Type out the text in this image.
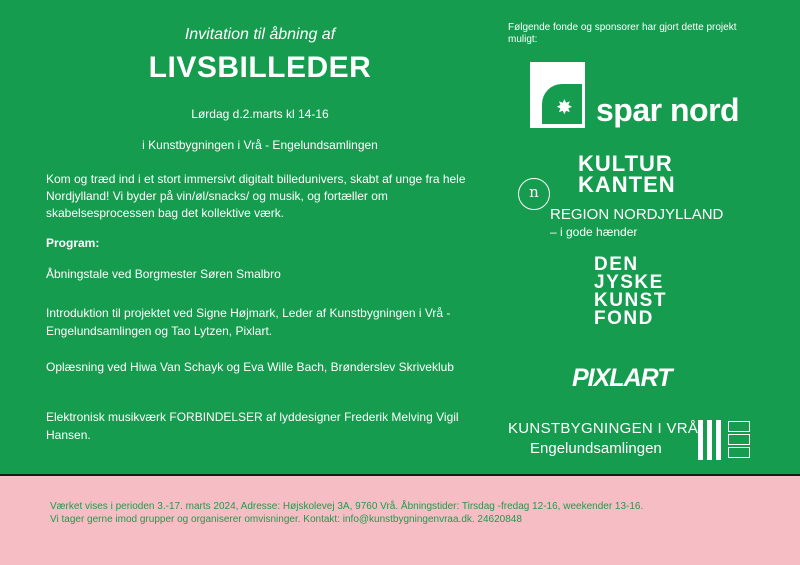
Invitation til åbning af
LIVSBILLEDER
Lørdag d.2.marts kl 14-16
i Kunstbygningen i Vrå - Engelundsamlingen
Kom og træd ind i et stort immersivt digitalt billedunivers, skabt af unge fra hele Nordjylland! Vi byder på vin/øl/snacks/ og musik, og fortæller om skabelsesprocessen bag det kollektive værk.
Program:
Åbningstale ved Borgmester Søren Smalbro
Introduktion til projektet ved Signe Højmark, Leder af Kunstbygningen i Vrå - Engelundsamlingen og Tao Lytzen, Pixlart.
Oplæsning ved Hiwa Van Schayk og Eva Wille Bach, Brønderslev Skriveklub
Elektronisk musikværk FORBINDELSER af lyddesigner Frederik Melving Vigil Hansen.
Følgende fonde og sponsorer har gjort dette projekt muligt:
✸ spar nord
KULTUR
KANTEN
n
REGION NORDJYLLAND
– i gode hænder
DEN
JYSKE
KUNST
FOND
PIXLART
KUNSTBYGNINGEN I VRÅ
Engelundsamlingen
Værket vises i perioden 3.-17. marts 2024, Adresse: Højskolevej 3A, 9760 Vrå. Åbningstider: Tirsdag -fredag 12-16, weekender 13-16.
Vi tager gerne imod grupper og organiserer omvisninger. Kontakt: info@kunstbygningenvraa.dk. 24620848
